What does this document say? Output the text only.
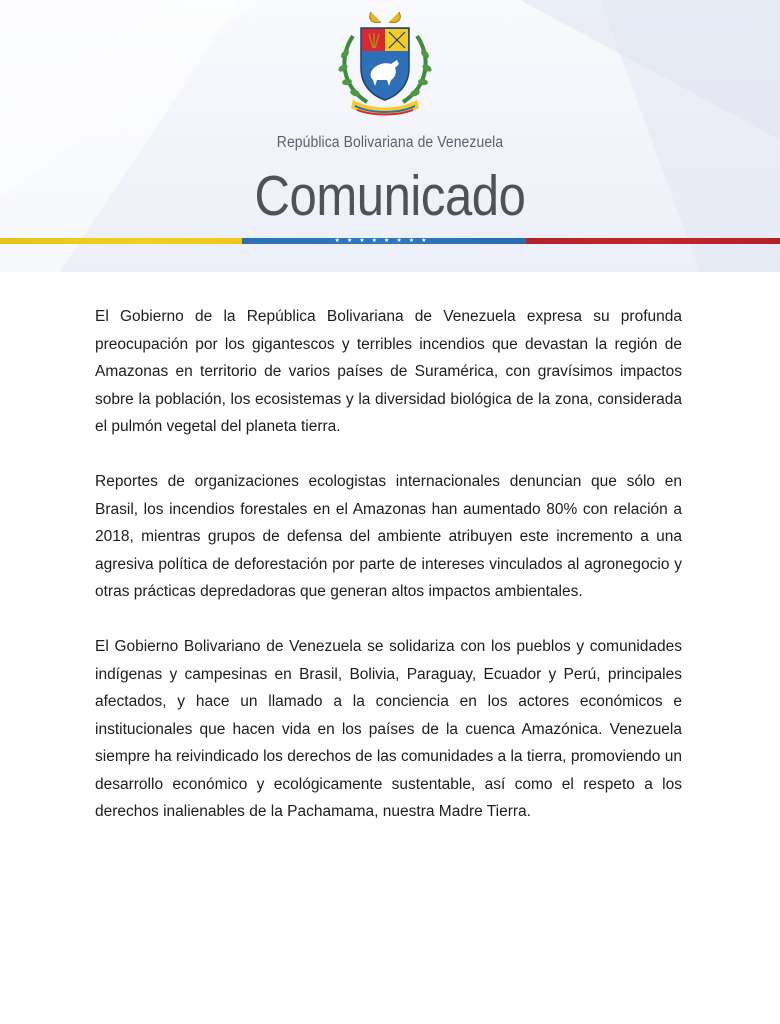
República Bolivariana de Venezuela
Comunicado
★★★★★★★★

El Gobierno de la República Bolivariana de Venezuela expresa su profunda preocupación por los gigantescos y terribles incendios que devastan la región de Amazonas en territorio de varios países de Suramérica, con gravísimos impactos sobre la población, los ecosistemas y la diversidad biológica de la zona, considerada el pulmón vegetal del planeta tierra.

Reportes de organizaciones ecologistas internacionales denuncian que sólo en Brasil, los incendios forestales en el Amazonas han aumentado 80% con relación a 2018, mientras grupos de defensa del ambiente atribuyen este incremento a una agresiva política de deforestación por parte de intereses vinculados al agronegocio y otras prácticas depredadoras que generan altos impactos ambientales.

El Gobierno Bolivariano de Venezuela se solidariza con los pueblos y comunidades indígenas y campesinas en Brasil, Bolivia, Paraguay, Ecuador y Perú, principales afectados, y hace un llamado a la conciencia en los actores económicos e institucionales que hacen vida en los países de la cuenca Amazónica. Venezuela siempre ha reivindicado los derechos de las comunidades a la tierra, promoviendo un desarrollo económico y ecológicamente sustentable, así como el respeto a los derechos inalienables de la Pachamama, nuestra Madre Tierra.
